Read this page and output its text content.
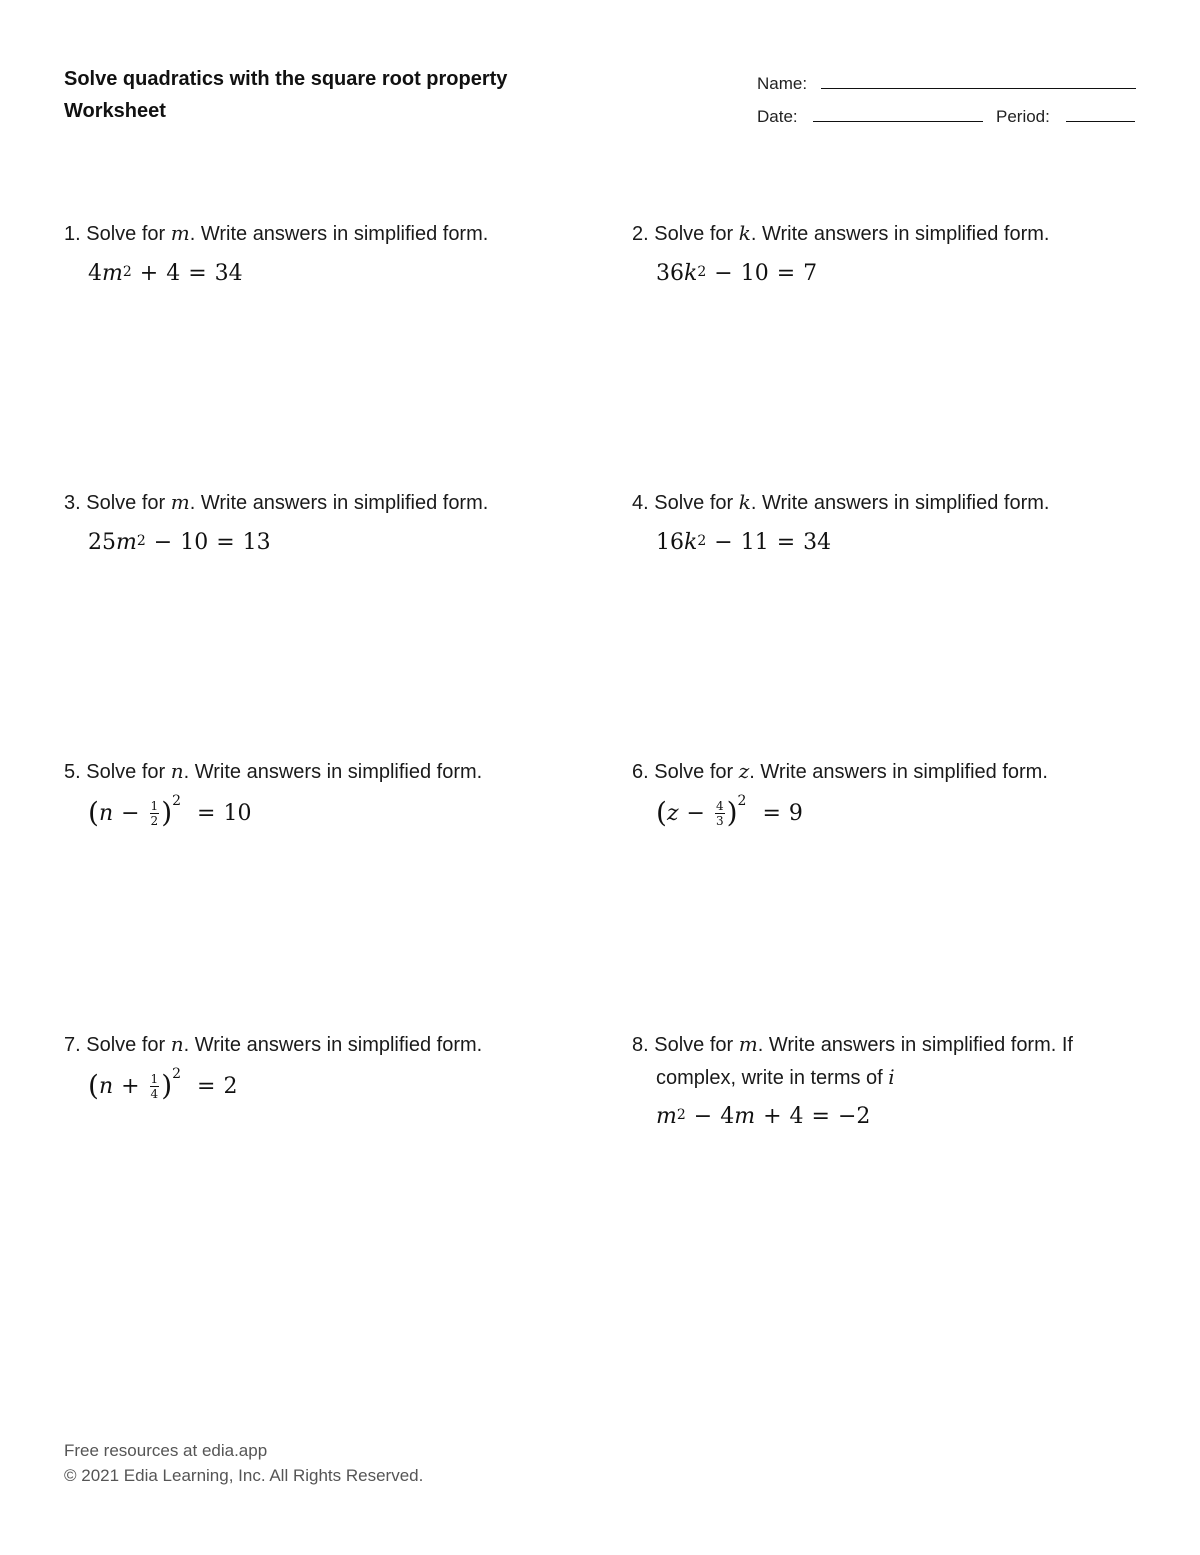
Solve quadratics with the square root property
Worksheet
Name:
Date:	Period:
1. Solve for m. Write answers in simplified form.
4 $m^2 + 4 = 34$
2. Solve for k. Write answers in simplified form.
36 $k^2 - 10 = 7$
3. Solve for m. Write answers in simplified form.
25 $m^2 - 10 = 13$
4. Solve for k. Write answers in simplified form.
16 $k^2 - 11 = 34$
5. Solve for n. Write answers in simplified form.
( $n - \frac{1}{2} )^2 = 10$
6. Solve for z. Write answers in simplified form.
( $z - \frac{4}{3} )^2 = 9$
7. Solve for n. Write answers in simplified form.
( $n + \frac{1}{4} )^2 = 2$
8. Solve for m. Write answers in simplified form. If
complex, write in terms of i
$m^2 - 4$ m + 4 = −2
Free resources at edia.app
© 2021 Edia Learning, Inc. All Rights Reserved.
